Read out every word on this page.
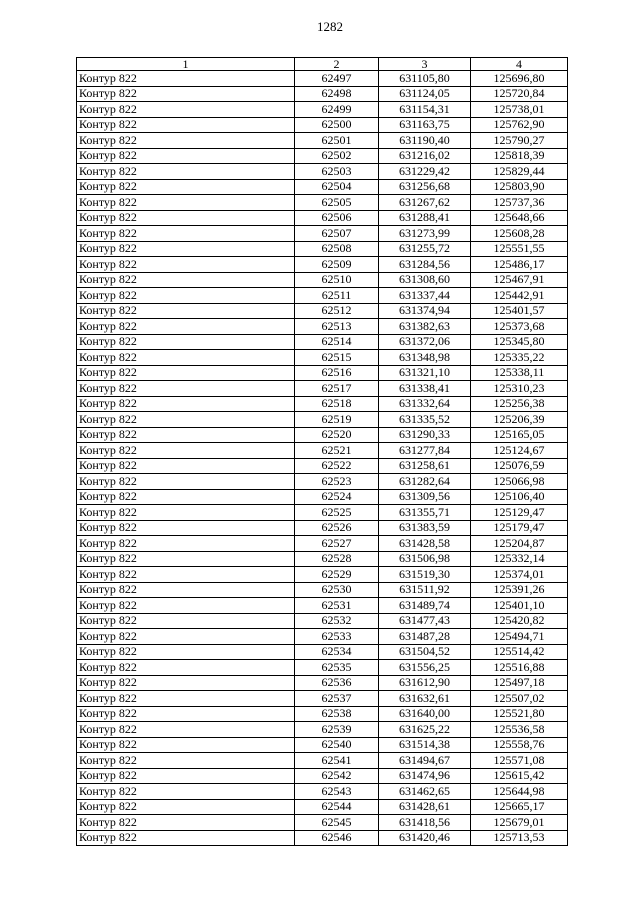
1282
1	2	3	4
Контур 822	62497	631105,80	125696,80
Контур 822	62498	631124,05	125720,84
Контур 822	62499	631154,31	125738,01
Контур 822	62500	631163,75	125762,90
Контур 822	62501	631190,40	125790,27
Контур 822	62502	631216,02	125818,39
Контур 822	62503	631229,42	125829,44
Контур 822	62504	631256,68	125803,90
Контур 822	62505	631267,62	125737,36
Контур 822	62506	631288,41	125648,66
Контур 822	62507	631273,99	125608,28
Контур 822	62508	631255,72	125551,55
Контур 822	62509	631284,56	125486,17
Контур 822	62510	631308,60	125467,91
Контур 822	62511	631337,44	125442,91
Контур 822	62512	631374,94	125401,57
Контур 822	62513	631382,63	125373,68
Контур 822	62514	631372,06	125345,80
Контур 822	62515	631348,98	125335,22
Контур 822	62516	631321,10	125338,11
Контур 822	62517	631338,41	125310,23
Контур 822	62518	631332,64	125256,38
Контур 822	62519	631335,52	125206,39
Контур 822	62520	631290,33	125165,05
Контур 822	62521	631277,84	125124,67
Контур 822	62522	631258,61	125076,59
Контур 822	62523	631282,64	125066,98
Контур 822	62524	631309,56	125106,40
Контур 822	62525	631355,71	125129,47
Контур 822	62526	631383,59	125179,47
Контур 822	62527	631428,58	125204,87
Контур 822	62528	631506,98	125332,14
Контур 822	62529	631519,30	125374,01
Контур 822	62530	631511,92	125391,26
Контур 822	62531	631489,74	125401,10
Контур 822	62532	631477,43	125420,82
Контур 822	62533	631487,28	125494,71
Контур 822	62534	631504,52	125514,42
Контур 822	62535	631556,25	125516,88
Контур 822	62536	631612,90	125497,18
Контур 822	62537	631632,61	125507,02
Контур 822	62538	631640,00	125521,80
Контур 822	62539	631625,22	125536,58
Контур 822	62540	631514,38	125558,76
Контур 822	62541	631494,67	125571,08
Контур 822	62542	631474,96	125615,42
Контур 822	62543	631462,65	125644,98
Контур 822	62544	631428,61	125665,17
Контур 822	62545	631418,56	125679,01
Контур 822	62546	631420,46	125713,53
